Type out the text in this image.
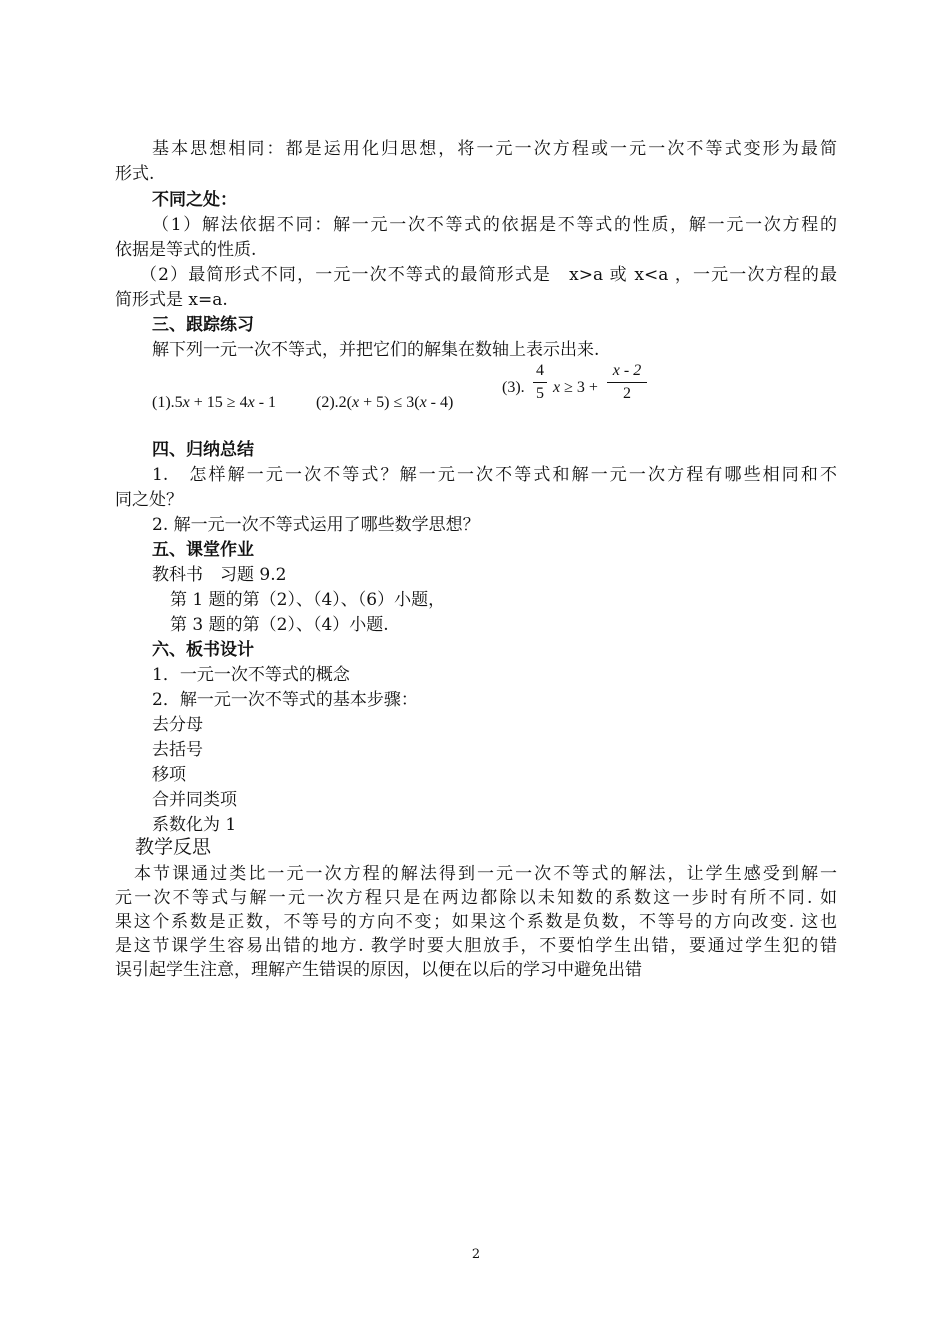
基本思想相同：都是运用化归思想，将一元一次方程或一元一次不等式变形为最简
形式.
不同之处：
（1）解法依据不同：解一元一次不等式的依据是不等式的性质，解一元一次方程的
依据是等式的性质.
（2）最简形式不同，一元一次不等式的最简形式是　x>a 或 x<a ，一元一次方程的最
简形式是 x=a.
三、跟踪练习
解下列一元一次不等式，并把它们的解集在数轴上表示出来.
(1).5x + 15 ≥ 4x - 1	(2).2(x + 5) ≤ 3(x - 4)
(3).
4
5 x ≥ 3 +
x - 2
2
四、归纳总结
1.　怎样解一元一次不等式？解一元一次不等式和解一元一次方程有哪些相同和不
同之处？
2. 解一元一次不等式运用了哪些数学思想？
五、课堂作业
教科书　习题 9.2
第 1 题的第（2）、（4）、（6）小题，
第 3 题的第（2）、（4）小题.
六、板书设计
1．一元一次不等式的概念
2．解一元一次不等式的基本步骤：
去分母
去括号
移项
合并同类项
系数化为 1
教学反思
本节课通过类比一元一次方程的解法得到一元一次不等式的解法，让学生感受到解一
元一次不等式与解一元一次方程只是在两边都除以未知数的系数这一步时有所不同. 如
果这个系数是正数，不等号的方向不变；如果这个系数是负数，不等号的方向改变. 这也
是这节课学生容易出错的地方. 教学时要大胆放手，不要怕学生出错，要通过学生犯的错
误引起学生注意，理解产生错误的原因，以便在以后的学习中避免出错
2
